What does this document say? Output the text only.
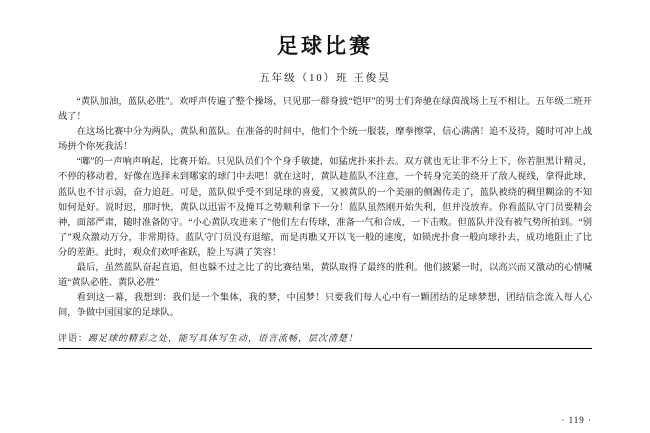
足球比赛
五年级（10）班 王俊昊

“黄队加油，蓝队必胜”。欢呼声传遍了整个操场，只见那一群身披“铠甲”的男士们奔驰在绿茵战场上互不相让。五年级二班开战了！

在这场比赛中分为两队，黄队和蓝队。在准备的时间中，他们个个统一服装，摩拳擦掌，信心满满！追不及待，随时可冲上战场拼个你死我活！

“嘟”的一声响声响起，比赛开始。只见队员们个个身手敏捷，如猛虎扑来扑去。双方就也无让非不分上下，你若胆黑计精灵，不停的移动着，好像在选择未到哪家的球门中去吧！就在这时，黄队趁蓝队不注意，一个转身完美的绕开了敌人视线，拿得此球，蓝队也不甘示弱，奋力追赶。可是，蓝队似乎受不到足球的喜爱，又被黄队的一个美丽的侧踢传走了，蓝队被绕的稠里糊涂的不知如何是好。说时迟，那时快，黄队以迅雷不及掩耳之势顺利拿下一分！蓝队虽然刚开始失利，但并没放弃。你看蓝队守门员要精会神，面部严肃，随时准备防守。“小心黄队攻进来了”他们左右传球，准备一气和合成，一下击败。但蓝队并没有被气势所拍到。“别了”观众激动万分，非常期待。蓝队守门员没有退缩，而是再瞧又开以飞一般的速度，如锁虎扑食一般向球扑去，成功地阻止了比分的差距。此时，观众们欢呼雀跃，脸上写满了笑容！

最后，虽然蓝队奋起直追，但也躲不过之比了的比赛结果，黄队取得了最终的胜利。他们披紧一时，以高兴而又激动的心情喊道“黄队必胜、黄队必胜”

看到这一幕，我想到：我们是一个集体，我的梦，中国梦！只要我们每人心中有一颗团结的足球梦想，团结信念流入每人心间，争做中国国家的足球队。

评语：踢足球的精彩之处，能写具体写生动，语言流畅，层次清楚！
· 119 ·
